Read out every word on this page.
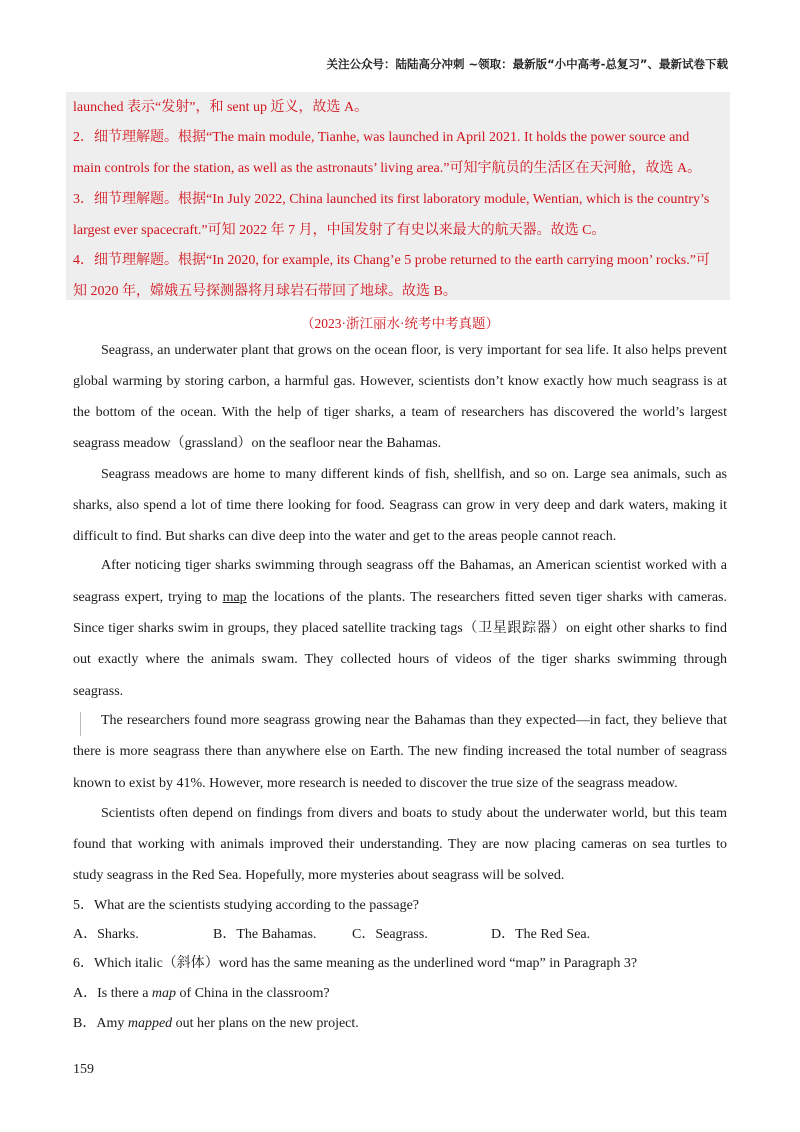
关注公众号：陆陆高分冲刺 ~领取：最新版“小中高考-总复习”、最新试卷下载
launched 表示“发射”，和 sent up 近义，故选 A。
2．细节理解题。根据“The main module, Tianhe, was launched in April 2021. It holds the power source and
main controls for the station, as well as the astronauts’ living area.”可知宇航员的生活区在天河舱，故选 A。
3．细节理解题。根据“In July 2022, China launched its first laboratory module, Wentian, which is the country’s
largest ever spacecraft.”可知 2022 年 7 月，中国发射了有史以来最大的航天器。故选 C。
4．细节理解题。根据“In 2020, for example, its Chang’e 5 probe returned to the earth carrying moon’ rocks.”可
知 2020 年，嫦娥五号探测器将月球岩石带回了地球。故选 B。
（2023·浙江丽水·统考中考真题）
Seagrass, an underwater plant that grows on the ocean floor, is very important for sea life. It also helps prevent
global warming by storing carbon, a harmful gas. However, scientists don’t know exactly how much seagrass is at
the bottom of the ocean. With the help of tiger sharks, a team of researchers has discovered the world’s largest
seagrass meadow（grassland）on the seafloor near the Bahamas.
Seagrass meadows are home to many different kinds of fish, shellfish, and so on. Large sea animals, such as
sharks, also spend a lot of time there looking for food. Seagrass can grow in very deep and dark waters, making it
difficult to find. But sharks can dive deep into the water and get to the areas people cannot reach.
After noticing tiger sharks swimming through seagrass off the Bahamas, an American scientist worked with a
seagrass expert, trying to map the locations of the plants. The researchers fitted seven tiger sharks with cameras.
Since tiger sharks swim in groups, they placed satellite tracking tags（卫星跟踪器）on eight other sharks to find
out exactly where the animals swam. They collected hours of videos of the tiger sharks swimming through
seagrass.
The researchers found more seagrass growing near the Bahamas than they expected—in fact, they believe that
there is more seagrass there than anywhere else on Earth. The new finding increased the total number of seagrass
known to exist by 41%. However, more research is needed to discover the true size of the seagrass meadow.
Scientists often depend on findings from divers and boats to study about the underwater world, but this team
found that working with animals improved their understanding. They are now placing cameras on sea turtles to
study seagrass in the Red Sea. Hopefully, more mysteries about seagrass will be solved.
5．What are the scientists studying according to the passage?
A．Sharks.	B．The Bahamas.	C．Seagrass.	D．The Red Sea.
6．Which italic（斜体）word has the same meaning as the underlined word “map” in Paragraph 3?
A．Is there a map of China in the classroom?
B．Amy mapped out her plans on the new project.
159
